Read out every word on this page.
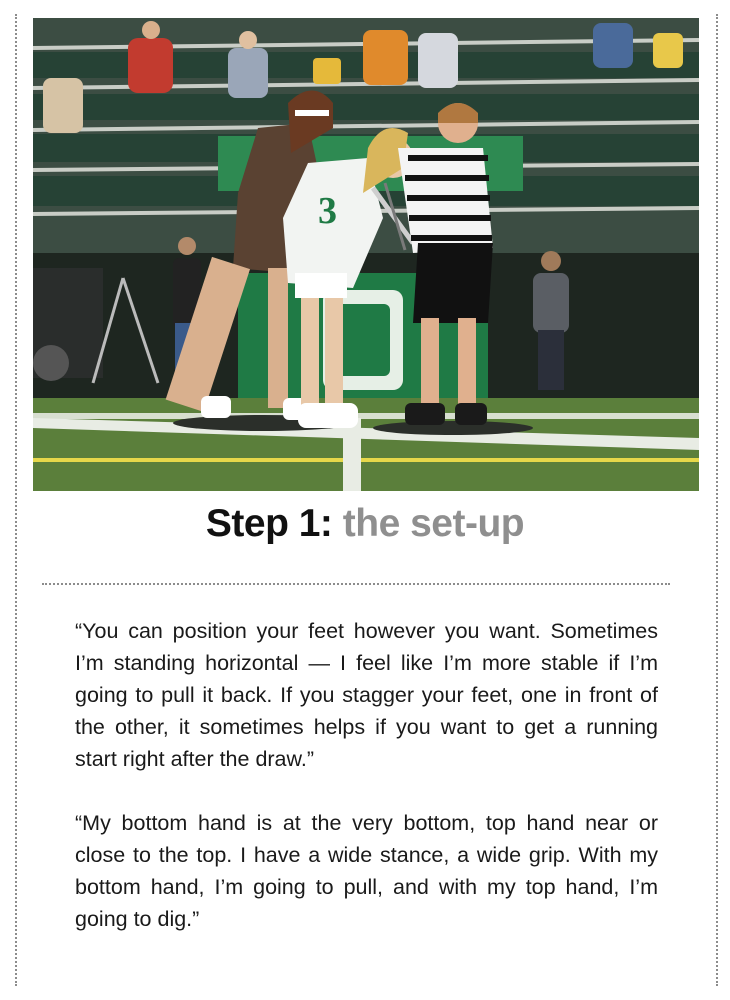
3
Step 1: the set-up

“You can position your feet however you want. Sometimes I’m standing horizontal — I feel like I’m more stable if I’m going to pull it back. If you stagger your feet, one in front of the other, it sometimes helps if you want to get a running start right after the draw.”

“My bottom hand is at the very bottom, top hand near or close to the top. I have a wide stance, a wide grip. With my bottom hand, I’m going to pull, and with my top hand, I’m going to dig.”
